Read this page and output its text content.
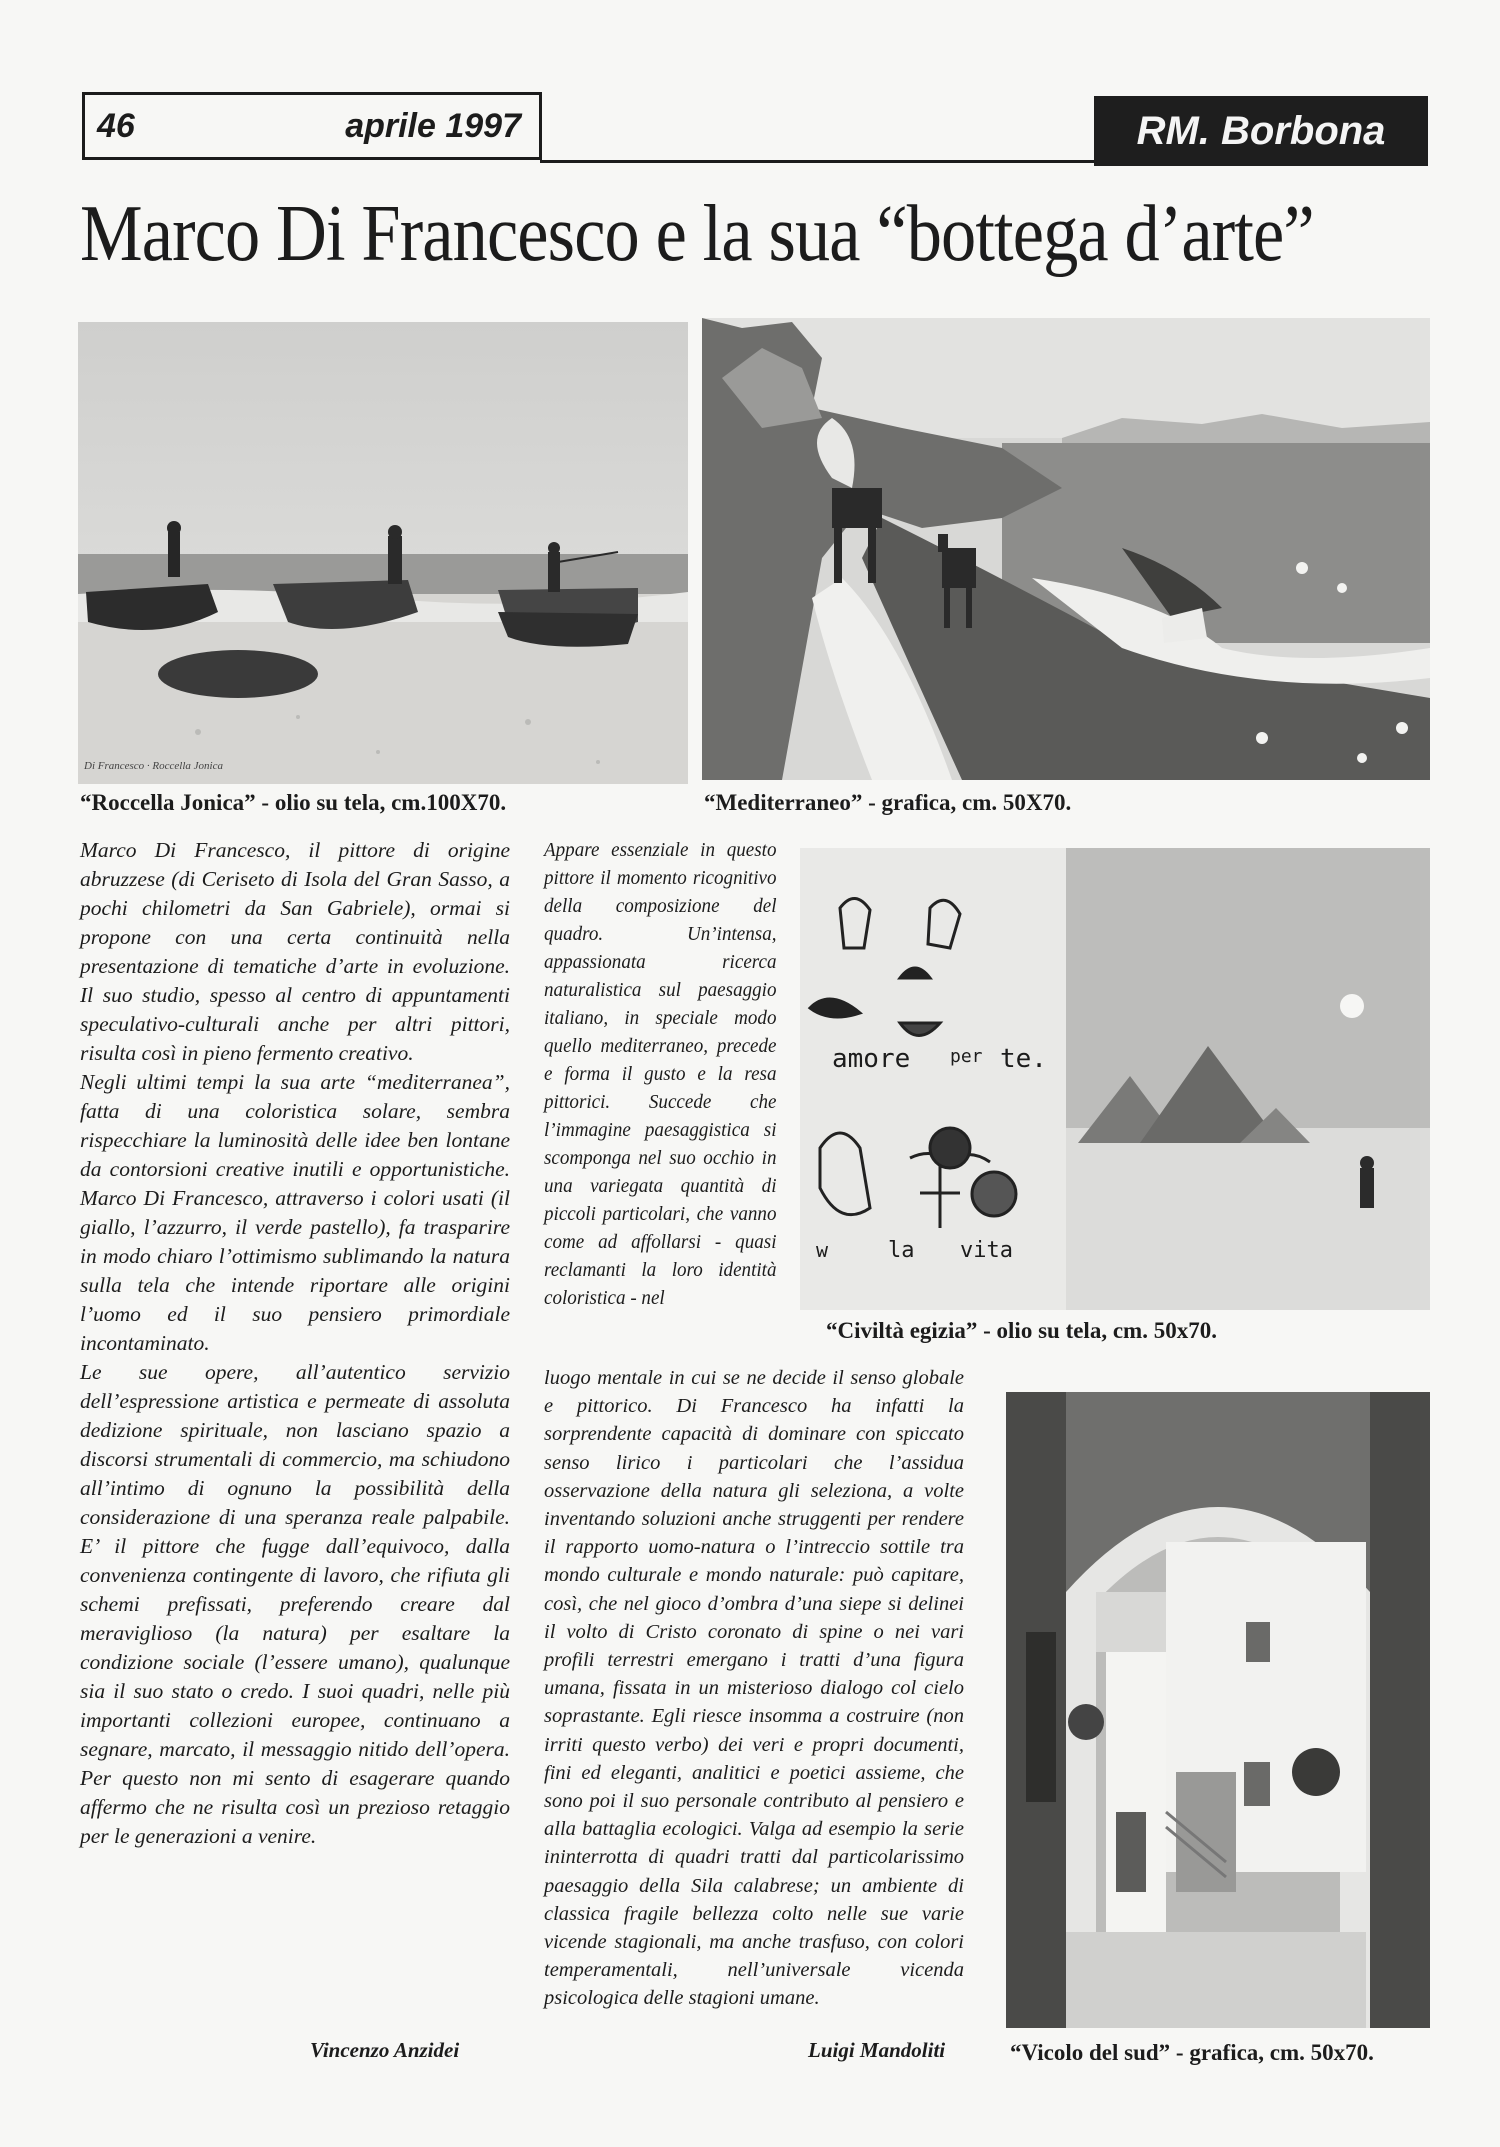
46	aprile 1997	RM. Borbona
Marco Di Francesco e la sua “bottega d’arte”
Di Francesco · Roccella Jonica
“Roccella Jonica” - olio su tela, cm.100X70.	“Mediterraneo” - grafica, cm. 50X70.

Marco Di Francesco, il pittore di origine abruzzese (di Ceriseto di Isola del Gran Sasso, a pochi chilometri da San Gabriele), ormai si propone con una certa continuità nella presentazione di tematiche d’arte in evoluzione. Il suo studio, spesso al centro di appuntamenti speculativo-culturali anche per altri pittori, risulta così in pieno fermento creativo.

Negli ultimi tempi la sua arte “mediterranea”, fatta di una coloristica solare, sembra rispecchiare la luminosità delle idee ben lontane da contorsioni creative inutili e opportunistiche. Marco Di Francesco, attraverso i colori usati (il giallo, l’azzurro, il verde pastello), fa trasparire in modo chiaro l’ottimismo sublimando la natura sulla tela che intende riportare alle origini l’uomo ed il suo pensiero primordiale incontaminato.

Le sue opere, all’autentico servizio dell’espressione artistica e permeate di assoluta dedizione spirituale, non lasciano spazio a discorsi strumentali di commercio, ma schiudono all’intimo di ognuno la possibilità della considerazione di una speranza reale palpabile. E’ il pittore che fugge dall’equivoco, dalla convenienza contingente di lavoro, che rifiuta gli schemi prefissati, preferendo creare dal meraviglioso (la natura) per esaltare la condizione sociale (l’essere umano), qualunque sia il suo stato o credo. I suoi quadri, nelle più importanti collezioni europee, continuano a segnare, marcato, il messaggio nitido dell’opera. Per questo non mi sento di esagerare quando affermo che ne risulta così un prezioso retaggio per le generazioni a venire.

Vincenzo Anzidei
Appare essenziale in questo pittore il momento ricognitivo della composizione del quadro. Un’intensa, appassionata ricerca naturalistica sul paesaggio italiano, in speciale modo quello mediterraneo, precede e forma il gusto e la resa pittorici. Succede che l’immagine paesaggistica si scomponga nel suo occhio in una variegata quantità di piccoli particolari, che vanno come ad affollarsi - quasi reclamanti la loro identità coloristica - nel
amore per te.
w	la vita
“Civiltà egizia” - olio su tela, cm. 50x70.
luogo mentale in cui se ne decide il senso globale e pittorico. Di Francesco ha infatti la sorprendente capacità di dominare con spiccato senso lirico i particolari che l’assidua osservazione della natura gli seleziona, a volte inventando soluzioni anche struggenti per rendere il rapporto uomo-natura o l’intreccio sottile tra mondo culturale e mondo naturale: può capitare, così, che nel gioco d’ombra d’una siepe si delinei il volto di Cristo coronato di spine o nei vari profili terrestri emergano i tratti d’una figura umana, fissata in un misterioso dialogo col cielo soprastante. Egli riesce insomma a costruire (non irriti questo verbo) dei veri e propri documenti, fini ed eleganti, analitici e poetici assieme, che sono poi il suo personale contributo al pensiero e alla battaglia ecologici. Valga ad esempio la serie ininterrotta di quadri tratti dal particolarissimo paesaggio della Sila calabrese; un ambiente di classica fragile bellezza colto nelle sue varie vicende stagionali, ma anche trasfuso, con colori temperamentali, nell’universale vicenda psicologica delle stagioni umane.
Luigi Mandoliti	“Vicolo del sud” - grafica, cm. 50x70.
